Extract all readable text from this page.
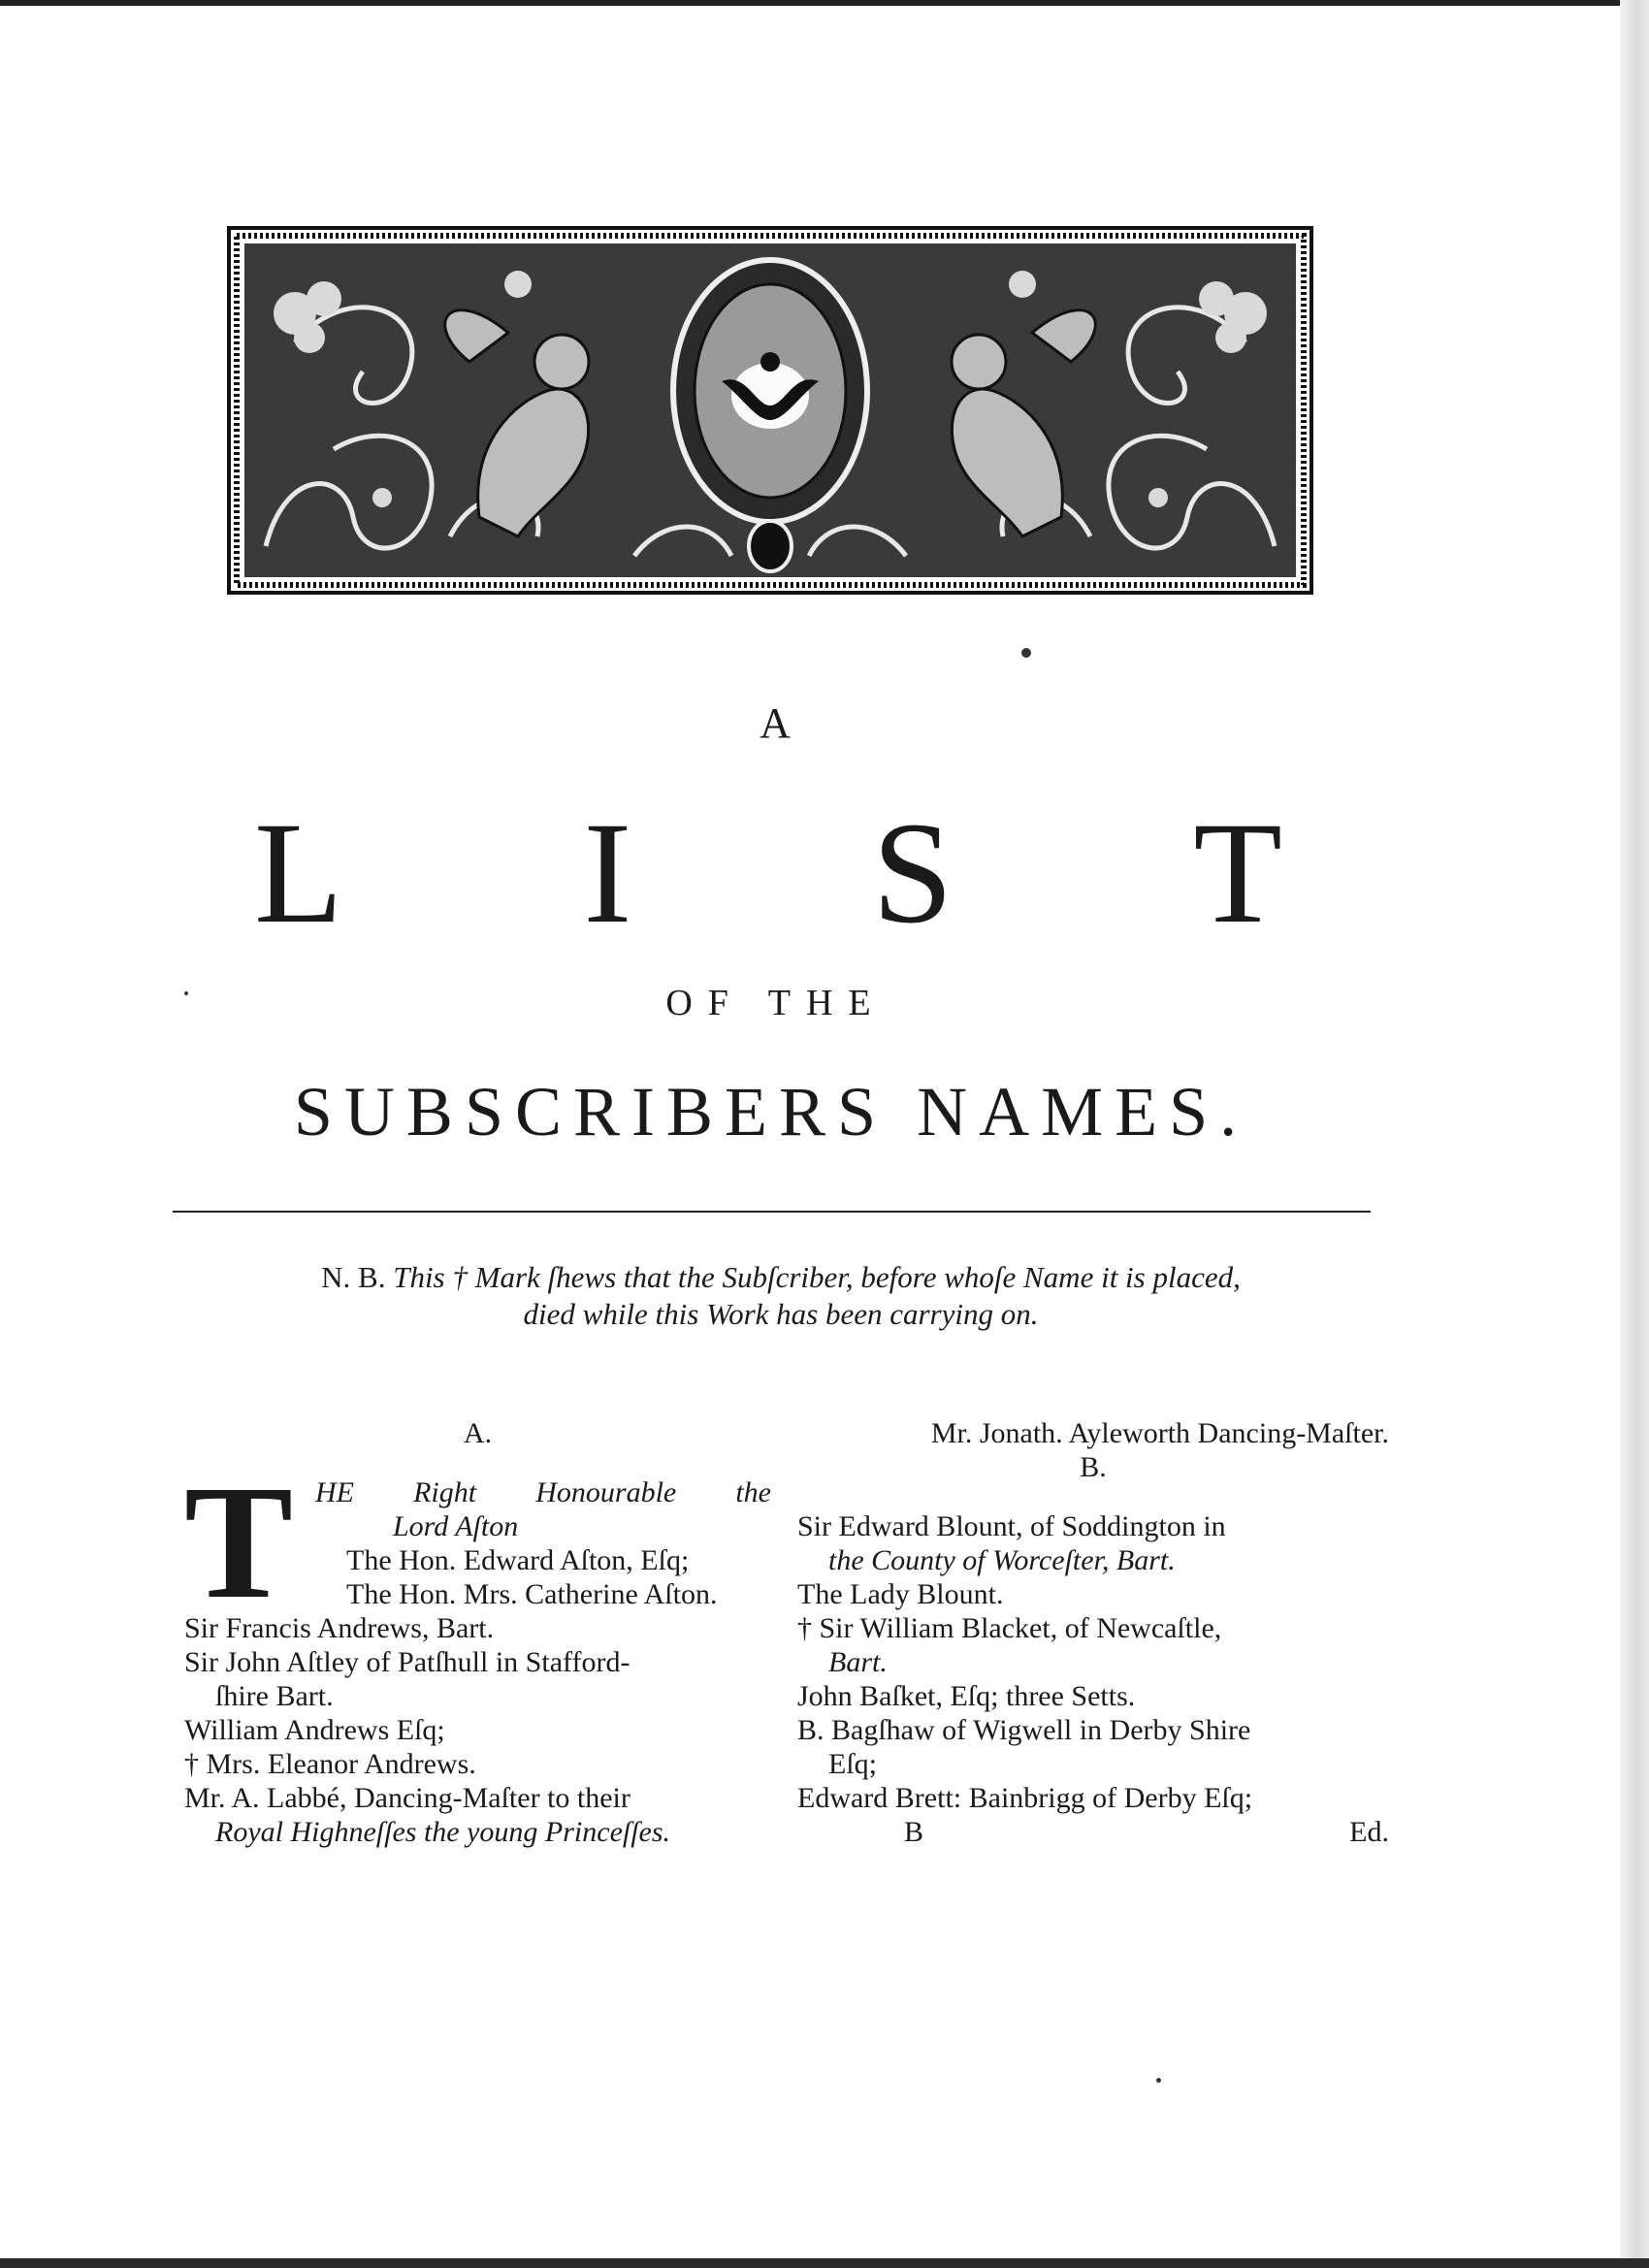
A
L I S T
OF THE
SUBSCRIBERS NAMES.
N. B. This † Mark ſhews that the Subſcriber, before whoſe Name it is placed,
died while this Work has been carrying on.
A.
T HE Right Honourable the

Lord Aſton

The Hon. Edward Aſton, Eſq;

The Hon. Mrs. Catherine Aſton.

Sir Francis Andrews, Bart.

Sir John Aſtley of Patſhull in Stafford-

ſhire Bart.

William Andrews Eſq;

† Mrs. Eleanor Andrews.

Mr. A. Labbé, Dancing-Maſter to their

Royal Highneſſes the young Princeſſes.

Mr. Jonath. Ayleworth Dancing-Maſter.

B.

Sir Edward Blount, of Soddington in

the County of Worceſter, Bart.

The Lady Blount.

† Sir William Blacket, of Newcaſtle,

Bart.

John Baſket, Eſq; three Setts.

B. Bagſhaw of Wigwell in Derby Shire

Eſq;

Edward Brett: Bainbrigg of Derby Eſq;

B	Ed.
